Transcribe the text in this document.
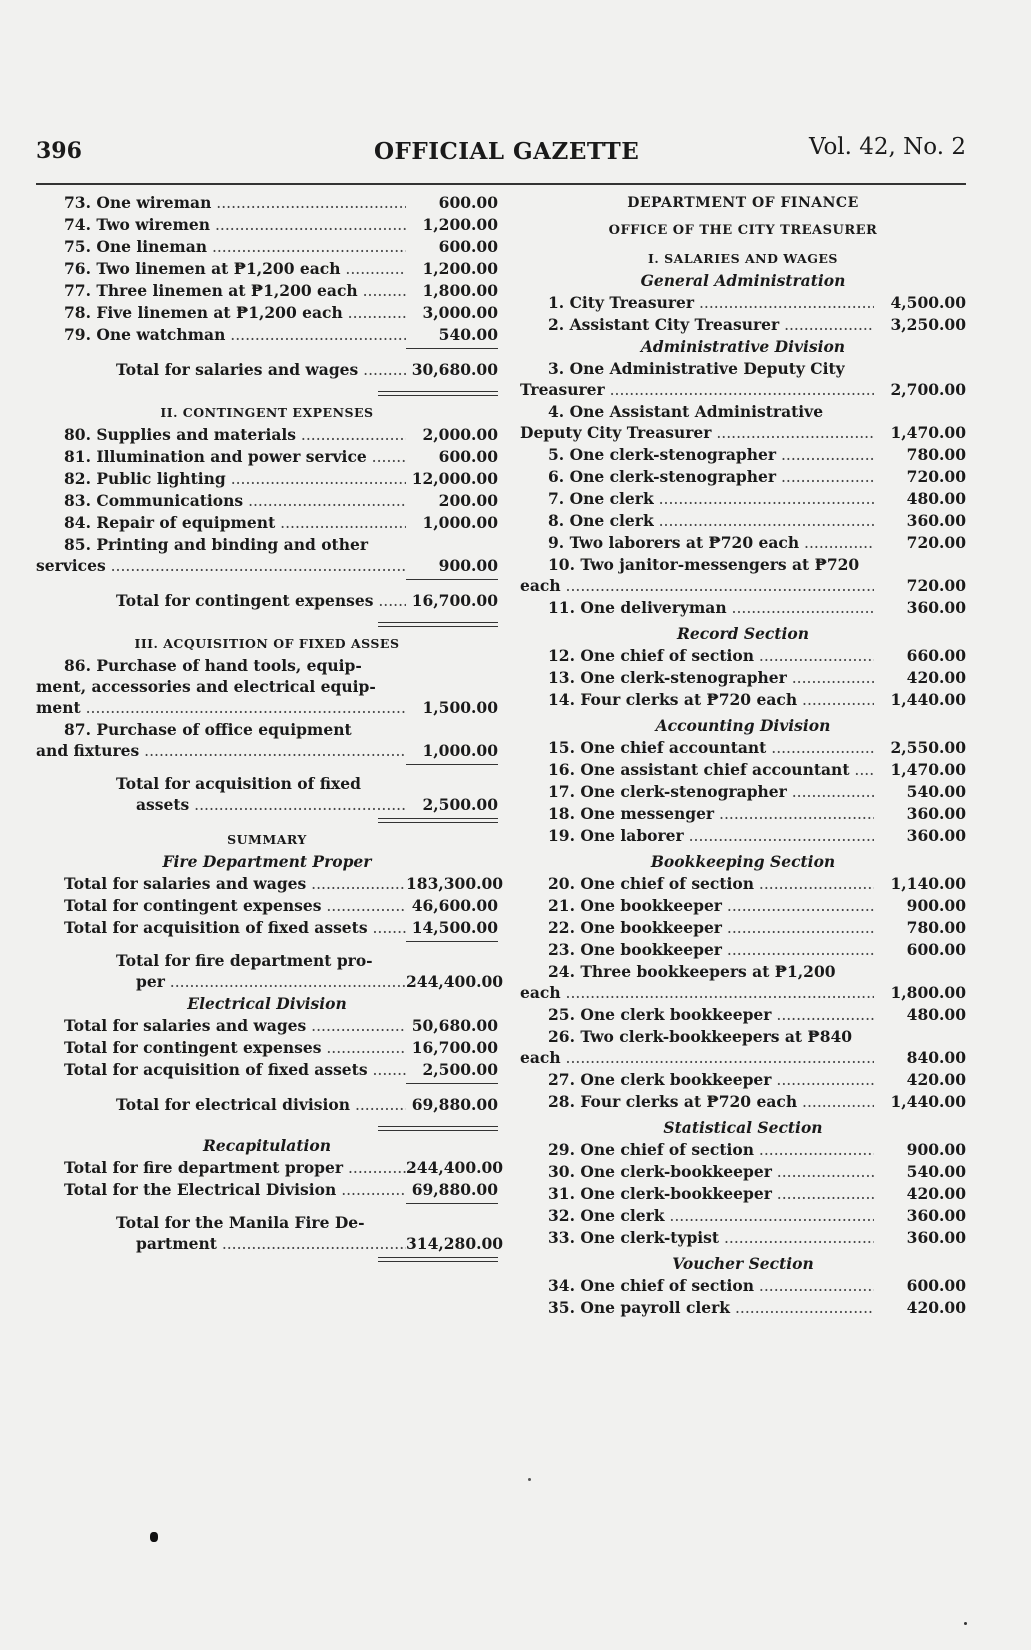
396	OFFICIAL GAZETTE	Vol. 42, No. 2
73. One wireman .....	600.00
74. Two wiremen .....	1,200.00
75. One lineman .....	600.00
76. Two linemen at ₱1,200 each .....	1,200.00
77. Three linemen at ₱1,200 each .....	1,800.00
78. Five linemen at ₱1,200 each .....	3,000.00
79. One watchman .....	540.00
Total for salaries and wages .....	30,680.00
II. CONTINGENT EXPENSES
80. Supplies and materials .....	2,000.00
81. Illumination and power service .....	600.00
82. Public lighting .....	12,000.00
83. Communications .....	200.00
84. Repair of equipment .....	1,000.00
85. Printing and binding and other
services .....	900.00
Total for contingent expenses .....	16,700.00
III. ACQUISITION OF FIXED ASSES
86. Purchase of hand tools, equip-
ment, accessories and electrical equip-
ment .....	1,500.00
87. Purchase of office equipment
and fixtures .....	1,000.00
Total for acquisition of fixed
assets .....	2,500.00
SUMMARY
Fire Department Proper
Total for salaries and wages .....	183,300.00
Total for contingent expenses .....	46,600.00
Total for acquisition of fixed assets .....	14,500.00
Total for fire department pro-
per .....	244,400.00
Electrical Division
Total for salaries and wages .....	50,680.00
Total for contingent expenses .....	16,700.00
Total for acquisition of fixed assets .....	2,500.00
Total for electrical division .....	69,880.00
Recapitulation
Total for fire department proper .....	244,400.00
Total for the Electrical Division .....	69,880.00
Total for the Manila Fire De-
partment .....	314,280.00
DEPARTMENT OF FINANCE
OFFICE OF THE CITY TREASURER
I. SALARIES AND WAGES
General Administration
1. City Treasurer .....	4,500.00
2. Assistant City Treasurer .....	3,250.00
Administrative Division
3. One Administrative Deputy City
Treasurer .....	2,700.00
4. One Assistant Administrative
Deputy City Treasurer .....	1,470.00
5. One clerk-stenographer .....	780.00
6. One clerk-stenographer .....	720.00
7. One clerk .....	480.00
8. One clerk .....	360.00
9. Two laborers at ₱720 each .....	720.00
10. Two janitor-messengers at ₱720
each .....	720.00
11. One deliveryman .....	360.00
Record Section
12. One chief of section .....	660.00
13. One clerk-stenographer .....	420.00
14. Four clerks at ₱720 each .....	1,440.00
Accounting Division
15. One chief accountant .....	2,550.00
16. One assistant chief accountant .....	1,470.00
17. One clerk-stenographer .....	540.00
18. One messenger .....	360.00
19. One laborer .....	360.00
Bookkeeping Section
20. One chief of section .....	1,140.00
21. One bookkeeper .....	900.00
22. One bookkeeper .....	780.00
23. One bookkeeper .....	600.00
24. Three bookkeepers at ₱1,200
each .....	1,800.00
25. One clerk bookkeeper .....	480.00
26. Two clerk-bookkeepers at ₱840
each .....	840.00
27. One clerk bookkeeper .....	420.00
28. Four clerks at ₱720 each .....	1,440.00
Statistical Section
29. One chief of section .....	900.00
30. One clerk-bookkeeper .....	540.00
31. One clerk-bookkeeper .....	420.00
32. One clerk .....	360.00
33. One clerk-typist .....	360.00
Voucher Section
34. One chief of section .....	600.00
35. One payroll clerk .....	420.00
